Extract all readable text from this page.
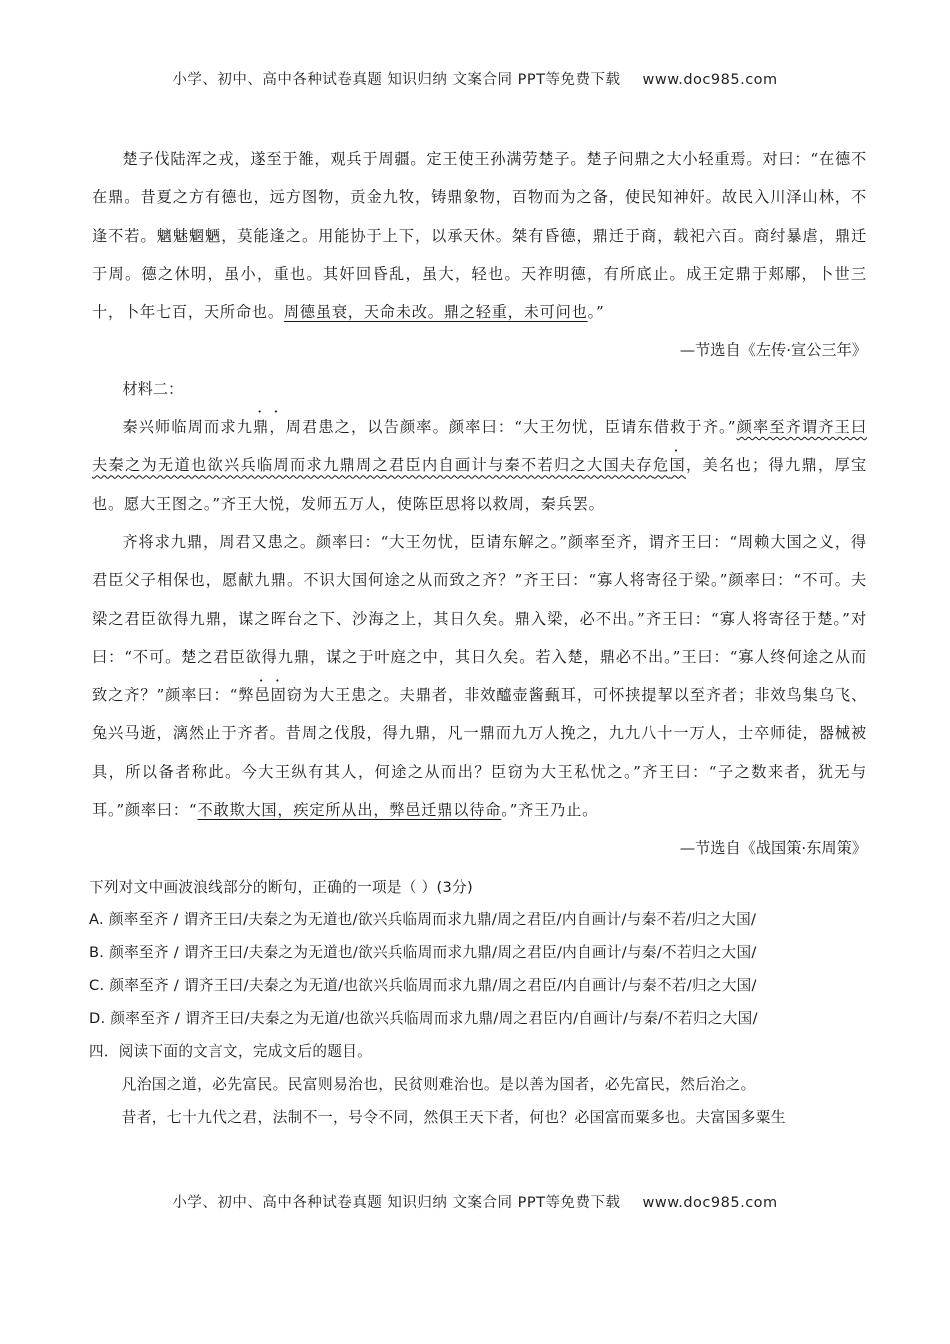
小学、初中、高中各种试卷真题 知识归纳 文案合同 PPT等免费下载 www.doc985.com

楚子伐陆浑之戎，遂至于雒，观兵于周疆。定王使王孙满劳楚子。楚子问鼎之大小轻重焉。对曰：“在德不在鼎。昔夏之方有德也，远方图物，贡金九牧，铸鼎象物，百物而为之备，使民知神奸。故民入川泽山林，不逢不若。魑魅魍魉，莫能逢之。用能协于上下，以承天休。桀有昏德，鼎迁于商，载祀六百。商纣暴虐，鼎迁于周。德之休明，虽小，重也。其奸回昏乱，虽大，轻也。天祚明德，有所底止。成王定鼎于郏鄏，卜世三十，卜年七百，天所命也。周德虽衰，天命未改。鼎之轻重，未可问也。”

—节选自《左传·宣公三年》

材料二：

秦兴师临周而求九鼎，周君患之，以告颜率。颜率曰：“大王勿忧，臣请东借救于齐。”颜率至齐谓齐王曰夫秦之为无道也欲兴兵临周而求九鼎周之君臣内自画计与秦不若归之大国夫存危国，美名也；得九鼎，厚宝也。愿大王图之。”齐王大悦，发师五万人，使陈臣思将以救周，秦兵罢。

齐将求九鼎，周君又患之。颜率曰：“大王勿忧，臣请东解之。”颜率至齐，谓齐王曰：“周赖大国之义，得君臣父子相保也，愿献九鼎。不识大国何途之从而致之齐？”齐王曰：“寡人将寄径于梁。”颜率曰：“不可。夫梁之君臣欲得九鼎，谋之晖台之下、沙海之上，其日久矣。鼎入梁，必不出。”齐王曰：“寡人将寄径于楚。”对曰：“不可。楚之君臣欲得九鼎，谋之于叶庭之中，其日久矣。若入楚，鼎必不出。”王曰：“寡人终何途之从而致之齐？”颜率曰：“弊邑固窃为大王患之。夫鼎者，非效醯壶酱甀耳，可怀挟提挈以至齐者；非效鸟集乌飞、兔兴马逝，漓然止于齐者。昔周之伐殷，得九鼎，凡一鼎而九万人挽之，九九八十一万人，士卒师徒，器械被具，所以备者称此。今大王纵有其人，何途之从而出？臣窃为大王私忧之。”齐王曰：“子之数来者，犹无与耳。”颜率曰：“不敢欺大国，疾定所从出，弊邑迁鼎以待命。”齐王乃止。

—节选自《战国策·东周策》

下列对文中画波浪线部分的断句，正确的一项是（ ）(3分)

A. 颜率至齐 / 谓齐王曰/夫秦之为无道也/欲兴兵临周而求九鼎/周之君臣/内自画计/与秦不若/归之大国/

B. 颜率至齐 / 谓齐王曰/夫秦之为无道也/欲兴兵临周而求九鼎/周之君臣/内自画计/与秦/不若归之大国/

C. 颜率至齐 / 谓齐王曰/夫秦之为无道/也欲兴兵临周而求九鼎/周之君臣/内自画计/与秦不若/归之大国/

D. 颜率至齐 / 谓齐王曰/夫秦之为无道/也欲兴兵临周而求九鼎/周之君臣内/自画计/与秦/不若归之大国/

四．阅读下面的文言文，完成文后的题目。

凡治国之道，必先富民。民富则易治也，民贫则难治也。是以善为国者，必先富民，然后治之。

昔者，七十九代之君，法制不一，号令不同，然俱王天下者，何也？必国富而粟多也。夫富国多粟生

小学、初中、高中各种试卷真题 知识归纳 文案合同 PPT等免费下载 www.doc985.com
